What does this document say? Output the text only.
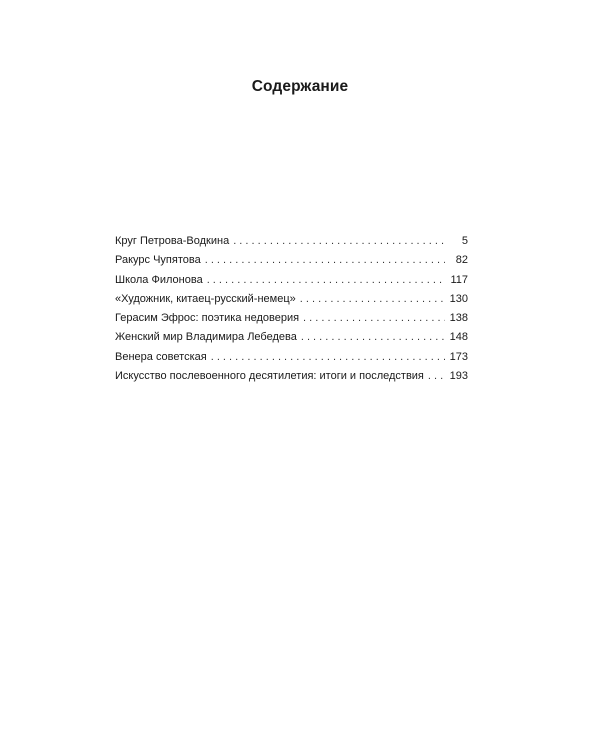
Содержание
Круг Петрова-Водкина . . .	5
Ракурс Чупятова . . .	82
Школа Филонова . . .	117
«Художник, китаец-русский-немец» . . .	130
Герасим Эфрос: поэтика недоверия . . .	138
Женский мир Владимира Лебедева . . .	148
Венера советская . . .	173
Искусство послевоенного десятилетия: итоги и последствия . . . 193
